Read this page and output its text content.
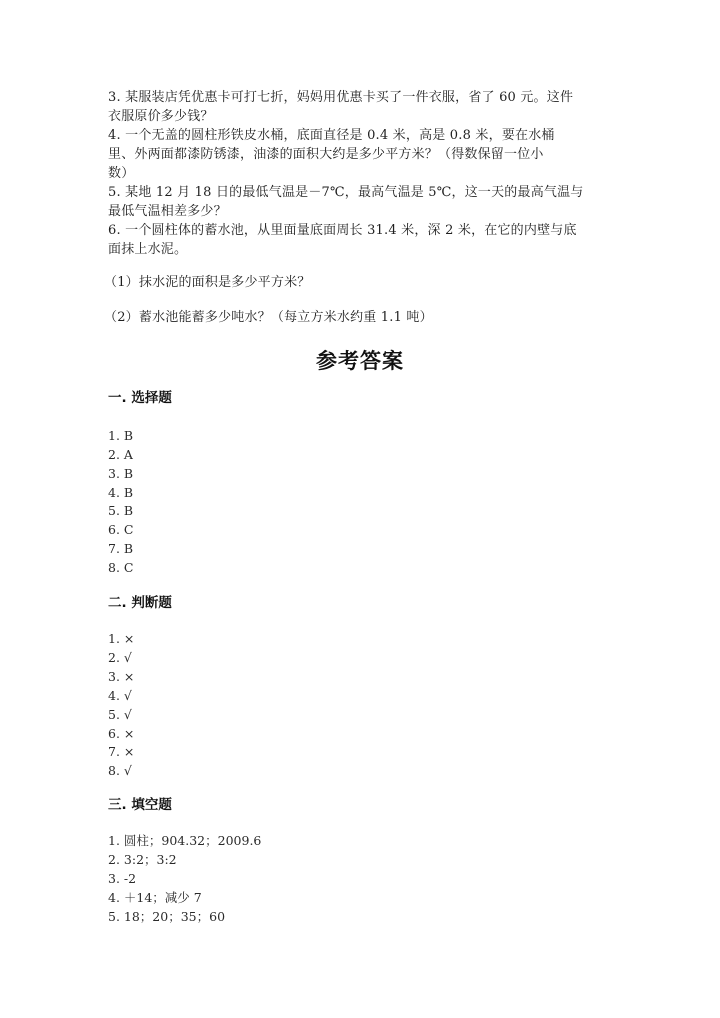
3. 某服装店凭优惠卡可打七折，妈妈用优惠卡买了一件衣服，省了 60 元。这件
衣服原价多少钱？
4. 一个无盖的圆柱形铁皮水桶，底面直径是 0.4 米，高是 0.8 米，要在水桶
里、外两面都漆防锈漆，油漆的面积大约是多少平方米？（得数保留一位小
数）
5. 某地 12 月 18 日的最低气温是－7℃，最高气温是 5℃，这一天的最高气温与
最低气温相差多少？
6. 一个圆柱体的蓄水池，从里面量底面周长 31.4 米，深 2 米，在它的内壁与底
面抹上水泥。
（1）抹水泥的面积是多少平方米？
（2）蓄水池能蓄多少吨水？（每立方米水约重 1.1 吨）
参考答案
一. 选择题
1. B
2. A
3. B
4. B
5. B
6. C
7. B
8. C
二. 判断题
1. ×
2. √
3. ×
4. √
5. √
6. ×
7. ×
8. √
三. 填空题
1. 圆柱；904.32；2009.6
2. 3:2；3:2
3. -2
4. ＋14；减少 7
5. 18；20；35；60
